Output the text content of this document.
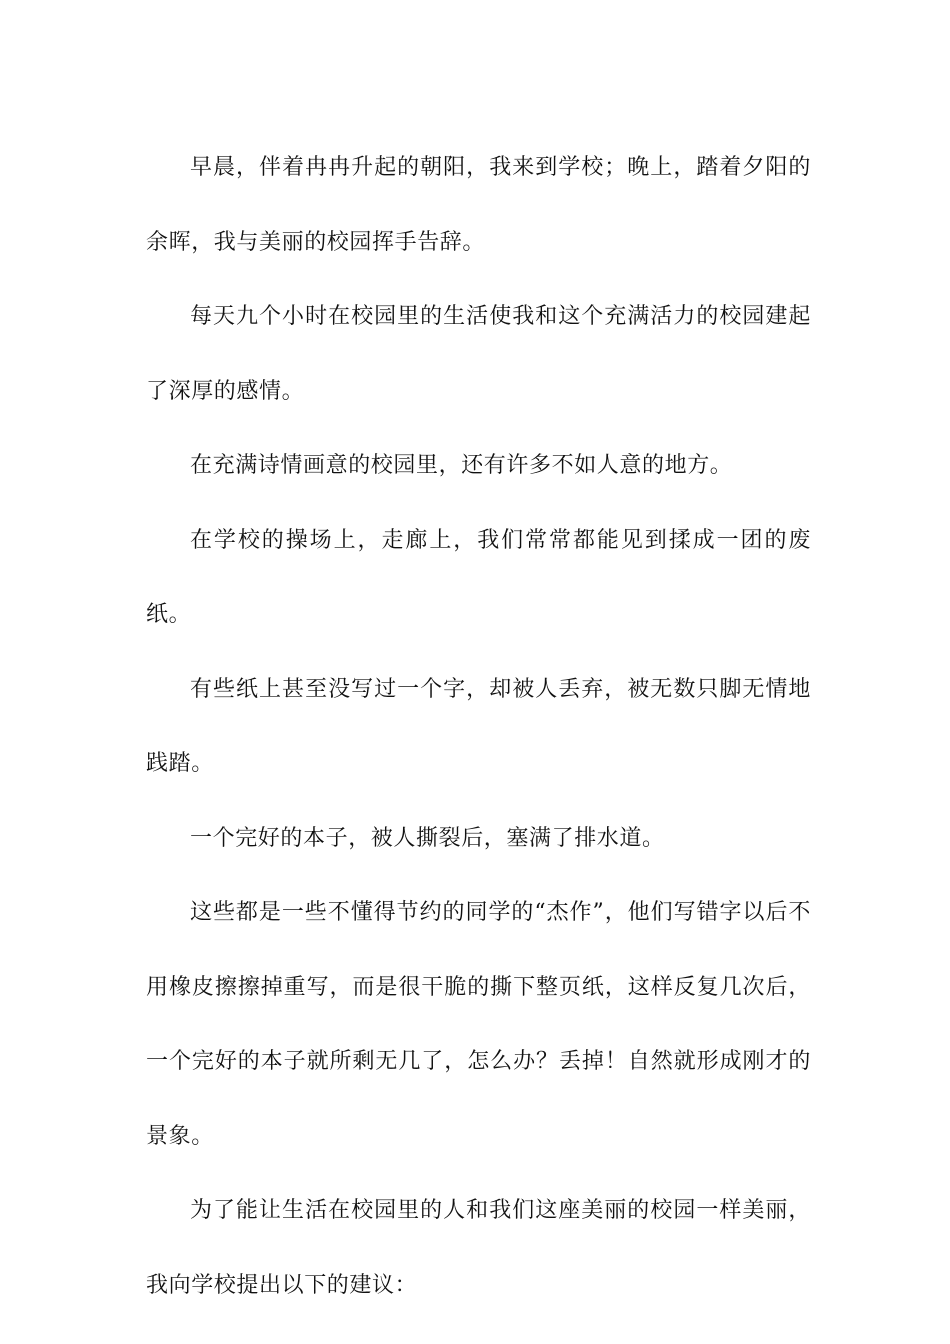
早晨，伴着冉冉升起的朝阳，我来到学校；晚上，踏着夕阳的余晖，我与美丽的校园挥手告辞。

每天九个小时在校园里的生活使我和这个充满活力的校园建起了深厚的感情。

在充满诗情画意的校园里，还有许多不如人意的地方。

在学校的操场上，走廊上，我们常常都能见到揉成一团的废纸。

有些纸上甚至没写过一个字，却被人丢弃，被无数只脚无情地践踏。

一个完好的本子，被人撕裂后，塞满了排水道。

这些都是一些不懂得节约的同学的“杰作”，他们写错字以后不用橡皮擦擦掉重写，而是很干脆的撕下整页纸，这样反复几次后，一个完好的本子就所剩无几了，怎么办？丢掉！自然就形成刚才的景象。

为了能让生活在校园里的人和我们这座美丽的校园一样美丽，我向学校提出以下的建议：
